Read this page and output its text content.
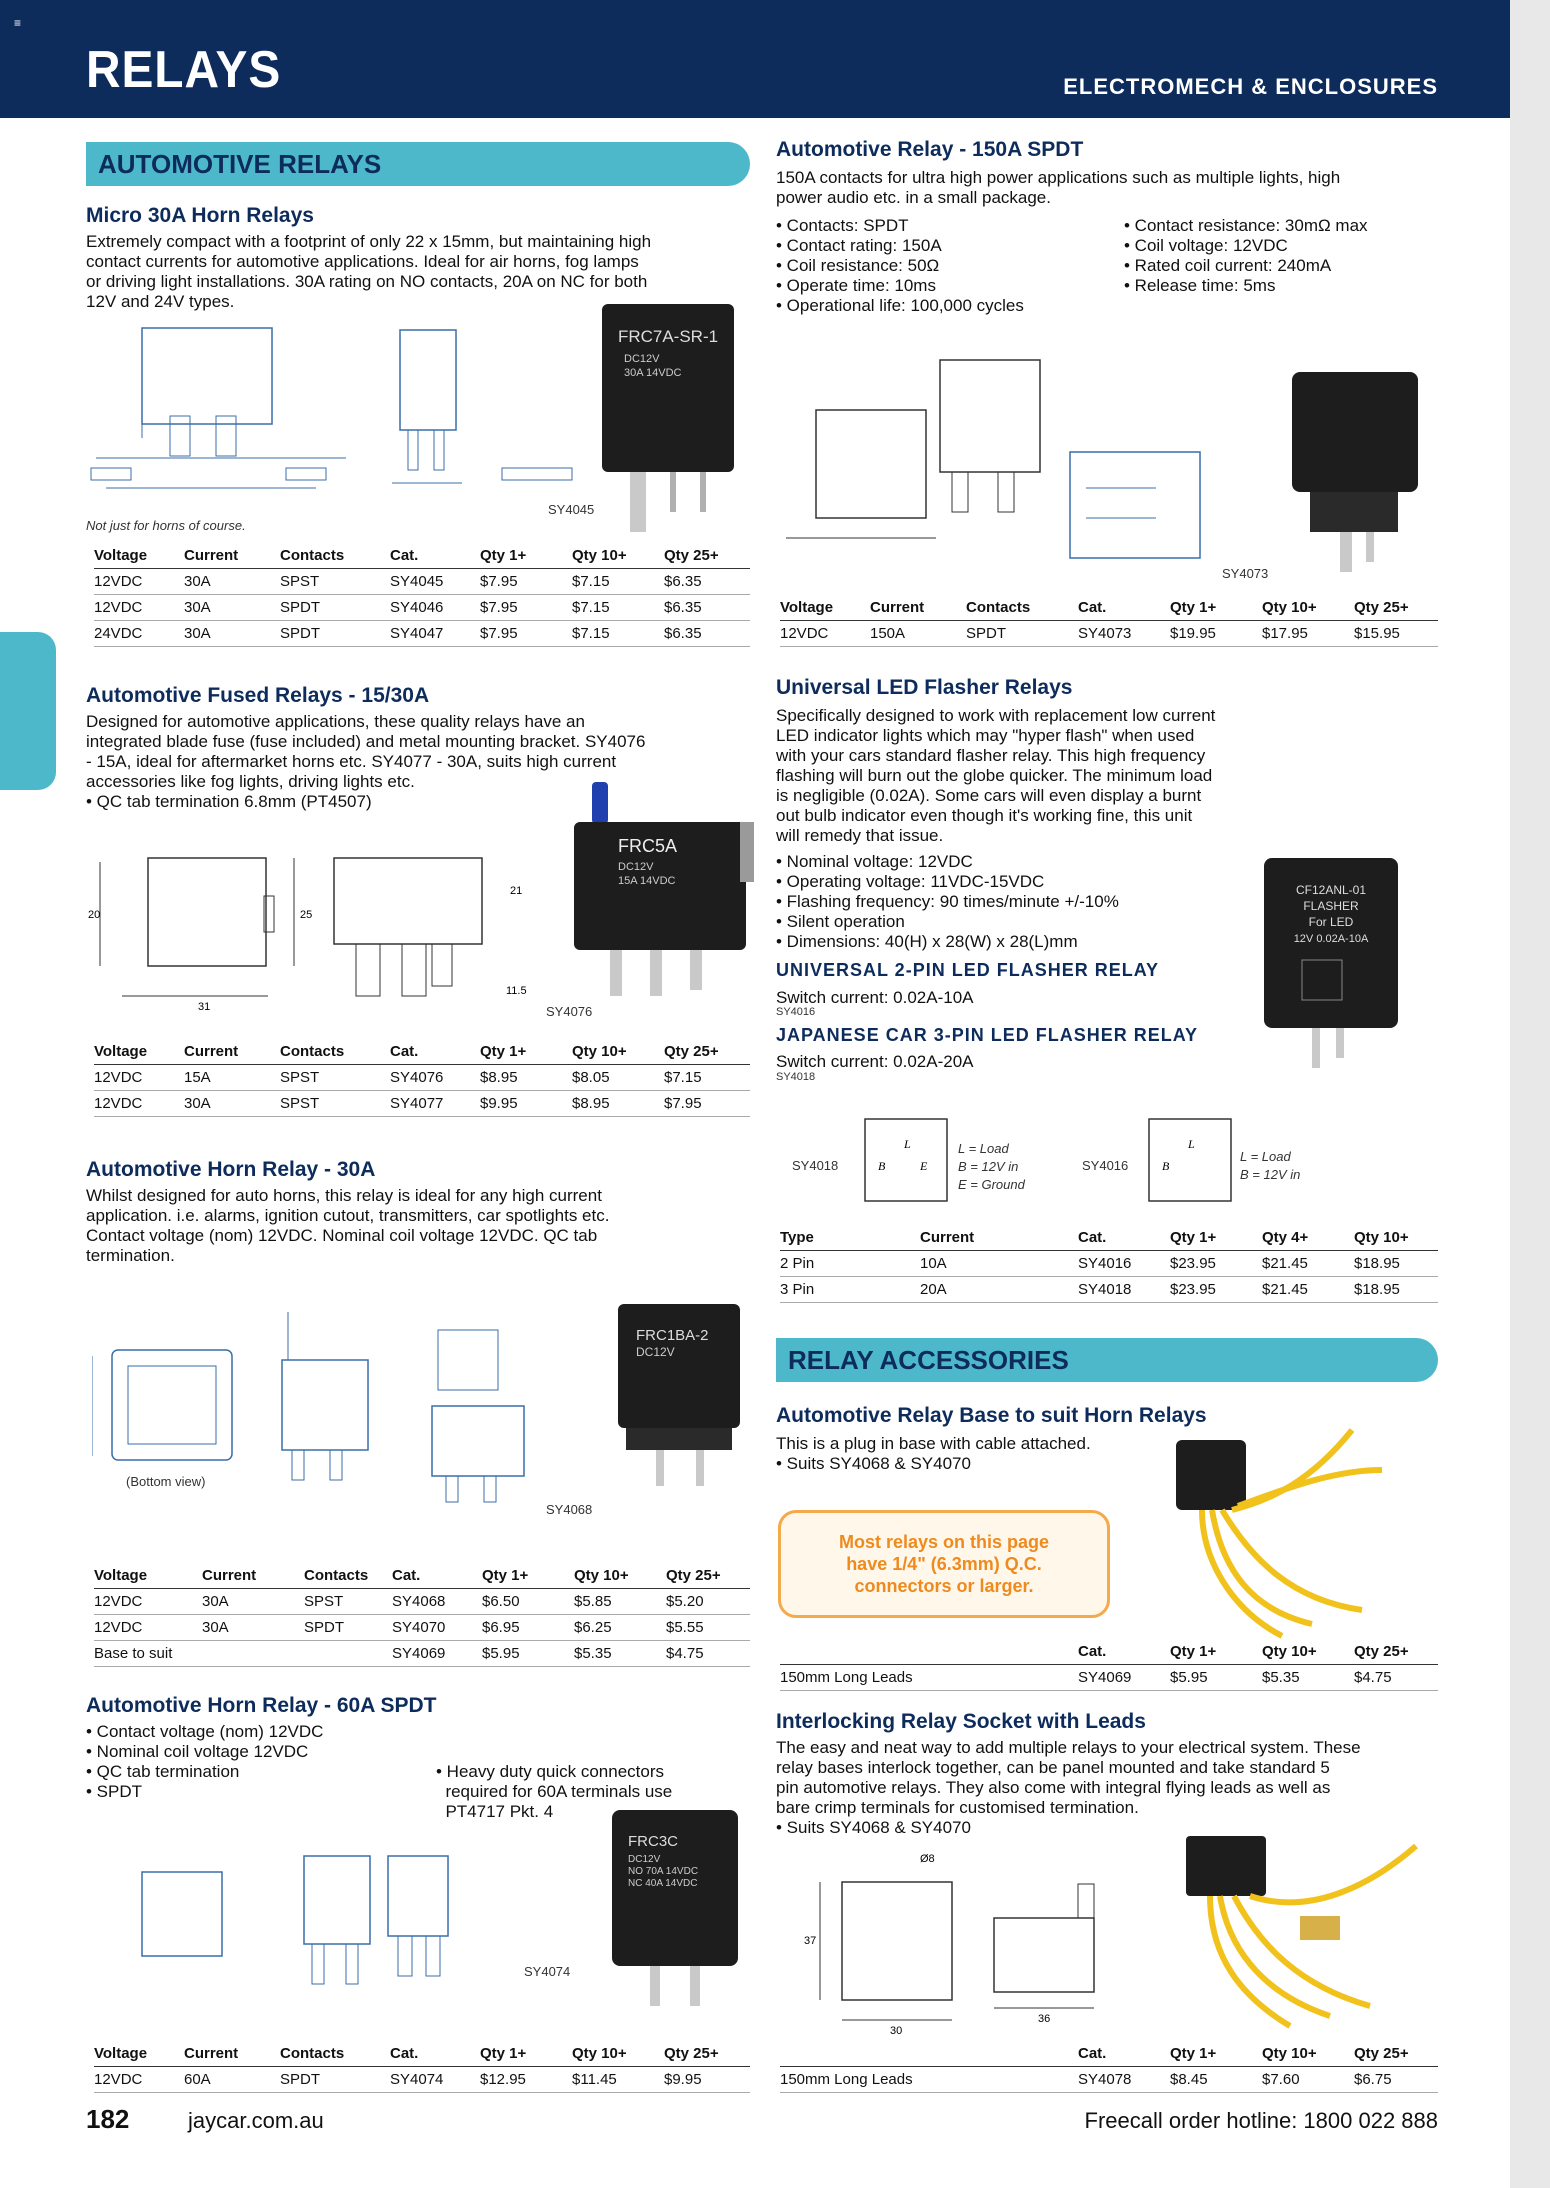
≡
RELAYS	ELECTROMECH & ENCLOSURES
AUTOMOTIVE RELAYS
Micro 30A Horn Relays
Extremely compact with a footprint of only 22 x 15mm, but maintaining high
contact currents for automotive applications. Ideal for air horns, fog lamps
or driving light installations. 30A rating on NO contacts, 20A on NC for both
12V and 24V types.
FRC7A-SR-1
DC12V
30A 14VDC
SY4045
Not just for horns of course.
Voltage	Current	Contacts	Cat.	Qty 1+	Qty 10+	Qty 25+
12VDC	30A	SPST	SY4045	$7.95	$7.15	$6.35
12VDC	30A	SPDT	SY4046	$7.95	$7.15	$6.35
24VDC	30A	SPDT	SY4047	$7.95	$7.15	$6.35
Automotive Fused Relays - 15/30A
Designed for automotive applications, these quality relays have an
integrated blade fuse (fuse included) and metal mounting bracket. SY4076
- 15A, ideal for aftermarket horns etc. SY4077 - 30A, suits high current
accessories like fog lights, driving lights etc.
• QC tab termination 6.8mm (PT4507)
20
31
25
21
11.5
FRC5A
DC12V
15A 14VDC
SY4076
Voltage	Current	Contacts	Cat.	Qty 1+	Qty 10+	Qty 25+
12VDC	15A	SPST	SY4076	$8.95	$8.05	$7.15
12VDC	30A	SPST	SY4077	$9.95	$8.95	$7.95
Automotive Horn Relay - 30A
Whilst designed for auto horns, this relay is ideal for any high current
application. i.e. alarms, ignition cutout, transmitters, car spotlights etc.
Contact voltage (nom) 12VDC. Nominal coil voltage 12VDC. QC tab
termination.
(Bottom view)
FRC1BA-2
DC12V
SY4068
Voltage	Current	Contacts	Cat.	Qty 1+	Qty 10+	Qty 25+
12VDC	30A	SPST	SY4068	$6.50	$5.85	$5.20
12VDC	30A	SPDT	SY4070	$6.95	$6.25	$5.55
Base to suit			SY4069	$5.95	$5.35	$4.75
Automotive Horn Relay - 60A SPDT
• Contact voltage (nom) 12VDC
• Nominal coil voltage 12VDC
• QC tab termination
• SPDT

• Heavy duty quick connectors
required for 60A terminals use
PT4717 Pkt. 4

FRC3C
DC12V
NO 70A 14VDC
NC 40A 14VDC
SY4074
Voltage	Current	Contacts	Cat.	Qty 1+	Qty 10+	Qty 25+
12VDC	60A	SPDT	SY4074	$12.95	$11.45	$9.95
Automotive Relay - 150A SPDT
150A contacts for ultra high power applications such as multiple lights, high
power audio etc. in a small package.
• Contacts: SPDT
• Contact rating: 150A
• Coil resistance: 50Ω
• Operate time: 10ms
• Operational life: 100,000 cycles
• Contact resistance: 30mΩ max
• Coil voltage: 12VDC
• Rated coil current: 240mA
• Release time: 5ms
SY4073
Voltage	Current	Contacts	Cat.	Qty 1+	Qty 10+	Qty 25+
12VDC	150A	SPDT	SY4073	$19.95	$17.95	$15.95
Universal LED Flasher Relays
Specifically designed to work with replacement low current
LED indicator lights which may "hyper flash" when used
with your cars standard flasher relay. This high frequency
flashing will burn out the globe quicker. The minimum load
is negligible (0.02A). Some cars will even display a burnt
out bulb indicator even though it's working fine, this unit
will remedy that issue.
• Nominal voltage: 12VDC
• Operating voltage: 11VDC-15VDC
• Flashing frequency: 90 times/minute +/-10%
• Silent operation
• Dimensions: 40(H) x 28(W) x 28(L)mm
UNIVERSAL 2-PIN LED FLASHER RELAY
Switch current: 0.02A-10A
SY4016
JAPANESE CAR 3-PIN LED FLASHER RELAY
Switch current: 0.02A-20A
SY4018
CF12ANL-01
FLASHER
For LED
12V 0.02A-10A
SY4018
L
B	E
L = Load
B = 12V in
E = Ground
SY4016
L
B
L = Load
B = 12V in
Type	Current	Cat.	Qty 1+	Qty 4+	Qty 10+
2 Pin	10A	SY4016	$23.95	$21.45	$18.95
3 Pin	20A	SY4018	$23.95	$21.45	$18.95
RELAY ACCESSORIES
Automotive Relay Base to suit Horn Relays
This is a plug in base with cable attached.
• Suits SY4068 & SY4070
Most relays on this page
have 1/4" (6.3mm) Q.C.
connectors or larger.
	Cat.	Qty 1+	Qty 10+	Qty 25+
150mm Long Leads	SY4069	$5.95	$5.35	$4.75
Interlocking Relay Socket with Leads
The easy and neat way to add multiple relays to your electrical system. These
relay bases interlock together, can be panel mounted and take standard 5
pin automotive relays. They also come with integral flying leads as well as
bare crimp terminals for customised termination.
• Suits SY4068 & SY4070
Ø8
37
30
36
	Cat.	Qty 1+	Qty 10+	Qty 25+
150mm Long Leads	SY4078	$8.45	$7.60	$6.75
182	jaycar.com.au	Freecall order hotline: 1800 022 888
